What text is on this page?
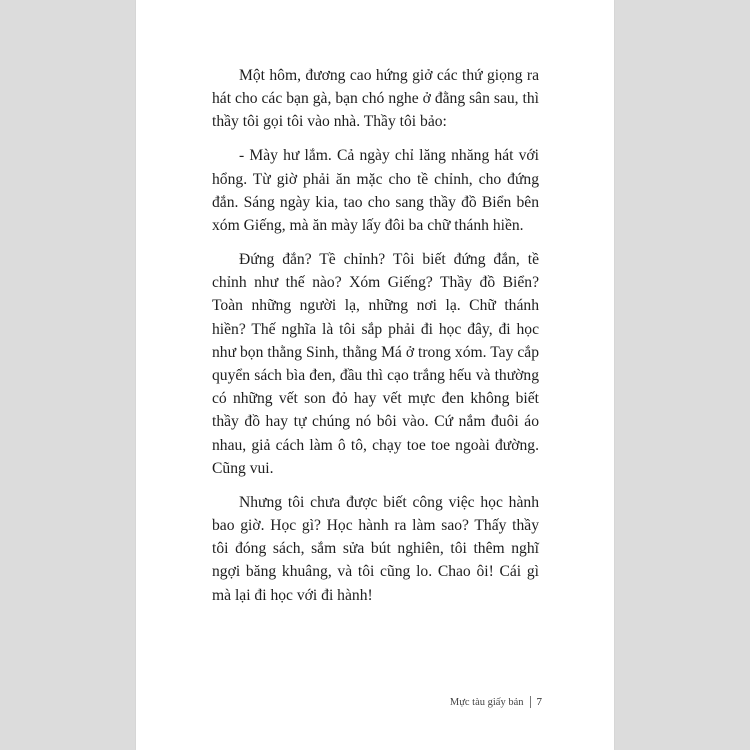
Một hôm, đương cao hứng giở các thứ giọng ra hát cho các bạn gà, bạn chó nghe ở đằng sân sau, thì thầy tôi gọi tôi vào nhà. Thầy tôi bảo:

- Mày hư lắm. Cả ngày chỉ lăng nhăng hát với hổng. Từ giờ phải ăn mặc cho tề chỉnh, cho đứng đắn. Sáng ngày kia, tao cho sang thầy đồ Biển bên xóm Giếng, mà ăn mày lấy đôi ba chữ thánh hiền.

Đứng đắn? Tề chỉnh? Tôi biết đứng đắn, tề chỉnh như thế nào? Xóm Giếng? Thầy đồ Biển? Toàn những người lạ, những nơi lạ. Chữ thánh hiền? Thế nghĩa là tôi sắp phải đi học đây, đi học như bọn thằng Sinh, thằng Má ở trong xóm. Tay cắp quyển sách bìa đen, đầu thì cạo trắng hếu và thường có những vết son đỏ hay vết mực đen không biết thầy đồ hay tự chúng nó bôi vào. Cứ nắm đuôi áo nhau, giả cách làm ô tô, chạy toe toe ngoài đường. Cũng vui.

Nhưng tôi chưa được biết công việc học hành bao giờ. Học gì? Học hành ra làm sao? Thấy thầy tôi đóng sách, sắm sửa bút nghiên, tôi thêm nghĩ ngợi băng khuâng, và tôi cũng lo. Chao ôi! Cái gì mà lại đi học với đi hành!

Mực tàu giấy bản 7
